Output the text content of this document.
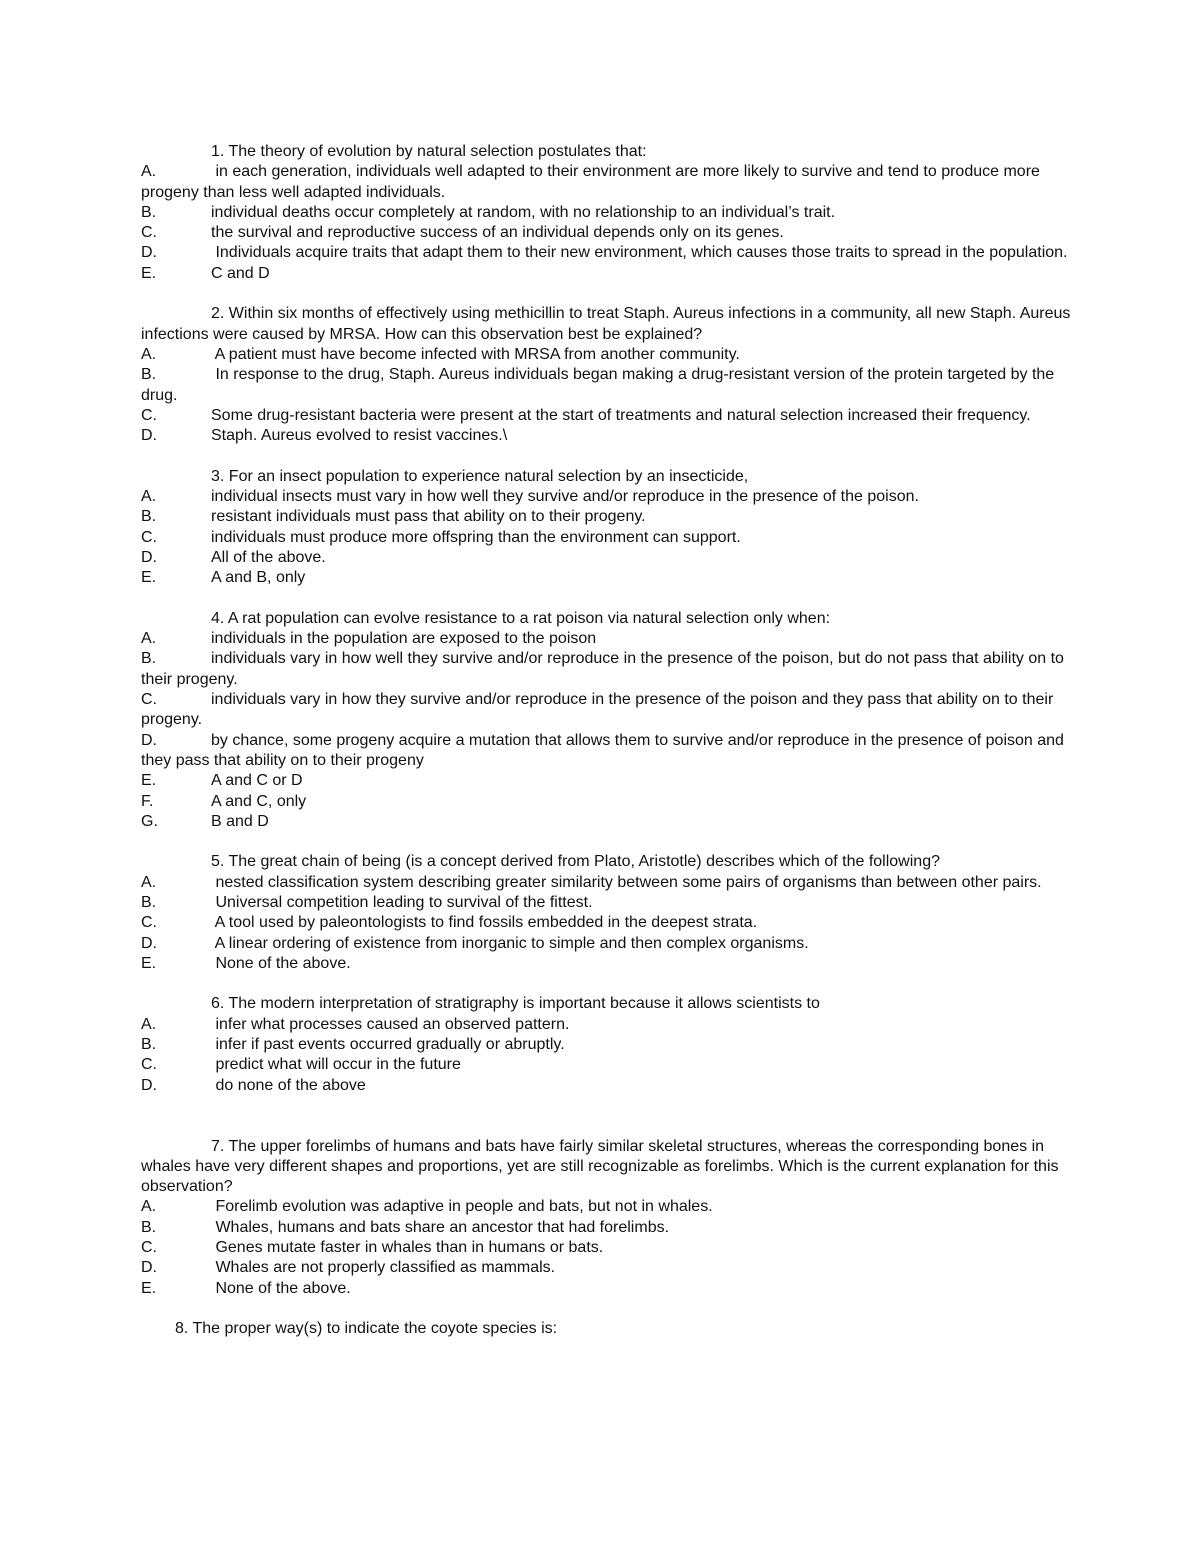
1. The theory of evolution by natural selection postulates that:

A.	in each generation, individuals well adapted to their environment are more likely to survive and tend to produce more progeny than less well adapted individuals.

B.	individual deaths occur completely at random, with no relationship to an individual’s trait.

C.	the survival and reproductive success of an individual depends only on its genes.

D.	Individuals acquire traits that adapt them to their new environment, which causes those traits to spread in the population.

E.	C and D

2. Within six months of effectively using methicillin to treat Staph. Aureus infections in a community, all new Staph. Aureus infections were caused by MRSA. How can this observation best be explained?

A.	A patient must have become infected with MRSA from another community.

B.	In response to the drug, Staph. Aureus individuals began making a drug-resistant version of the protein targeted by the drug.

C.	Some drug-resistant bacteria were present at the start of treatments and natural selection increased their frequency.

D.	Staph. Aureus evolved to resist vaccines.\

3. For an insect population to experience natural selection by an insecticide,

A.	individual insects must vary in how well they survive and/or reproduce in the presence of the poison.

B.	resistant individuals must pass that ability on to their progeny.

C.	individuals must produce more offspring than the environment can support.

D.	All of the above.

E.	A and B, only

4. A rat population can evolve resistance to a rat poison via natural selection only when:

A.	individuals in the population are exposed to the poison

B.	individuals vary in how well they survive and/or reproduce in the presence of the poison, but do not pass that ability on to their progeny.

C.	individuals vary in how they survive and/or reproduce in the presence of the poison and they pass that ability on to their progeny.

D.	by chance, some progeny acquire a mutation that allows them to survive and/or reproduce in the presence of poison and they pass that ability on to their progeny

E.	A and C or D

F.	A and C, only

G.	B and D

5. The great chain of being (is a concept derived from Plato, Aristotle) describes which of the following?

A.	nested classification system describing greater similarity between some pairs of organisms than between other pairs.

B.	Universal competition leading to survival of the fittest.

C.	A tool used by paleontologists to find fossils embedded in the deepest strata.

D.	A linear ordering of existence from inorganic to simple and then complex organisms.

E.	None of the above.

6. The modern interpretation of stratigraphy is important because it allows scientists to

A.	infer what processes caused an observed pattern.

B.	infer if past events occurred gradually or abruptly.

C.	predict what will occur in the future

D.	do none of the above

7. The upper forelimbs of humans and bats have fairly similar skeletal structures, whereas the corresponding bones in whales have very different shapes and proportions, yet are still recognizable as forelimbs. Which is the current explanation for this observation?

A.	Forelimb evolution was adaptive in people and bats, but not in whales.

B.	Whales, humans and bats share an ancestor that had forelimbs.

C.	Genes mutate faster in whales than in humans or bats.

D.	Whales are not properly classified as mammals.

E.	None of the above.

8. The proper way(s) to indicate the coyote species is:
